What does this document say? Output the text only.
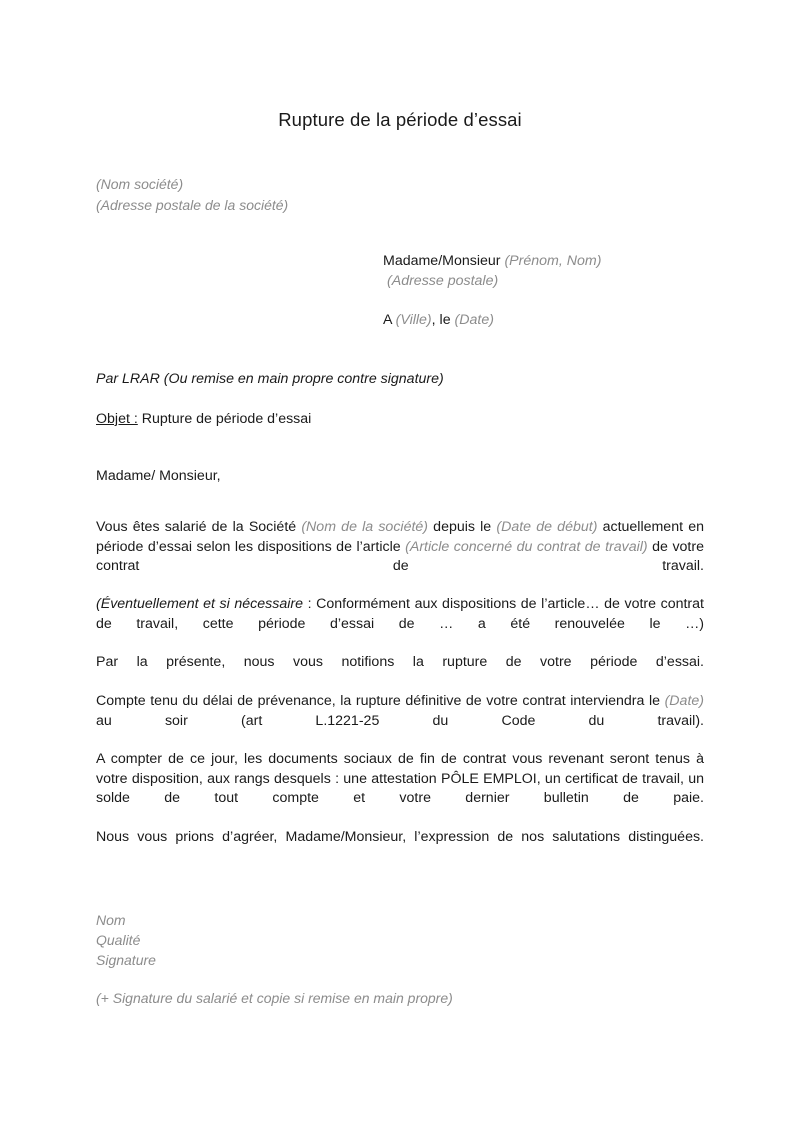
Rupture de la période d’essai
(Nom société)
(Adresse postale de la société)
Madame/Monsieur (Prénom, Nom)
(Adresse postale)
A (Ville), le (Date)
Par LRAR (Ou remise en main propre contre signature)
Objet : Rupture de période d’essai
Madame/ Monsieur,

Vous êtes salarié de la Société (Nom de la société) depuis le (Date de début) actuellement en période d’essai selon les dispositions de l’article (Article concerné du contrat de travail) de votre contrat de travail.

(Éventuellement et si nécessaire : Conformément aux dispositions de l’article… de votre contrat de travail, cette période d’essai de … a été renouvelée le …)

Par la présente, nous vous notifions la rupture de votre période d’essai.

Compte tenu du délai de prévenance, la rupture définitive de votre contrat interviendra le (Date) au soir (art L.1221-25 du Code du travail).

A compter de ce jour, les documents sociaux de fin de contrat vous revenant seront tenus à votre disposition, aux rangs desquels : une attestation PÔLE EMPLOI, un certificat de travail, un solde de tout compte et votre dernier bulletin de paie.

Nous vous prions d’agréer, Madame/Monsieur, l’expression de nos salutations distinguées.

Nom
Qualité
Signature
(+ Signature du salarié et copie si remise en main propre)
